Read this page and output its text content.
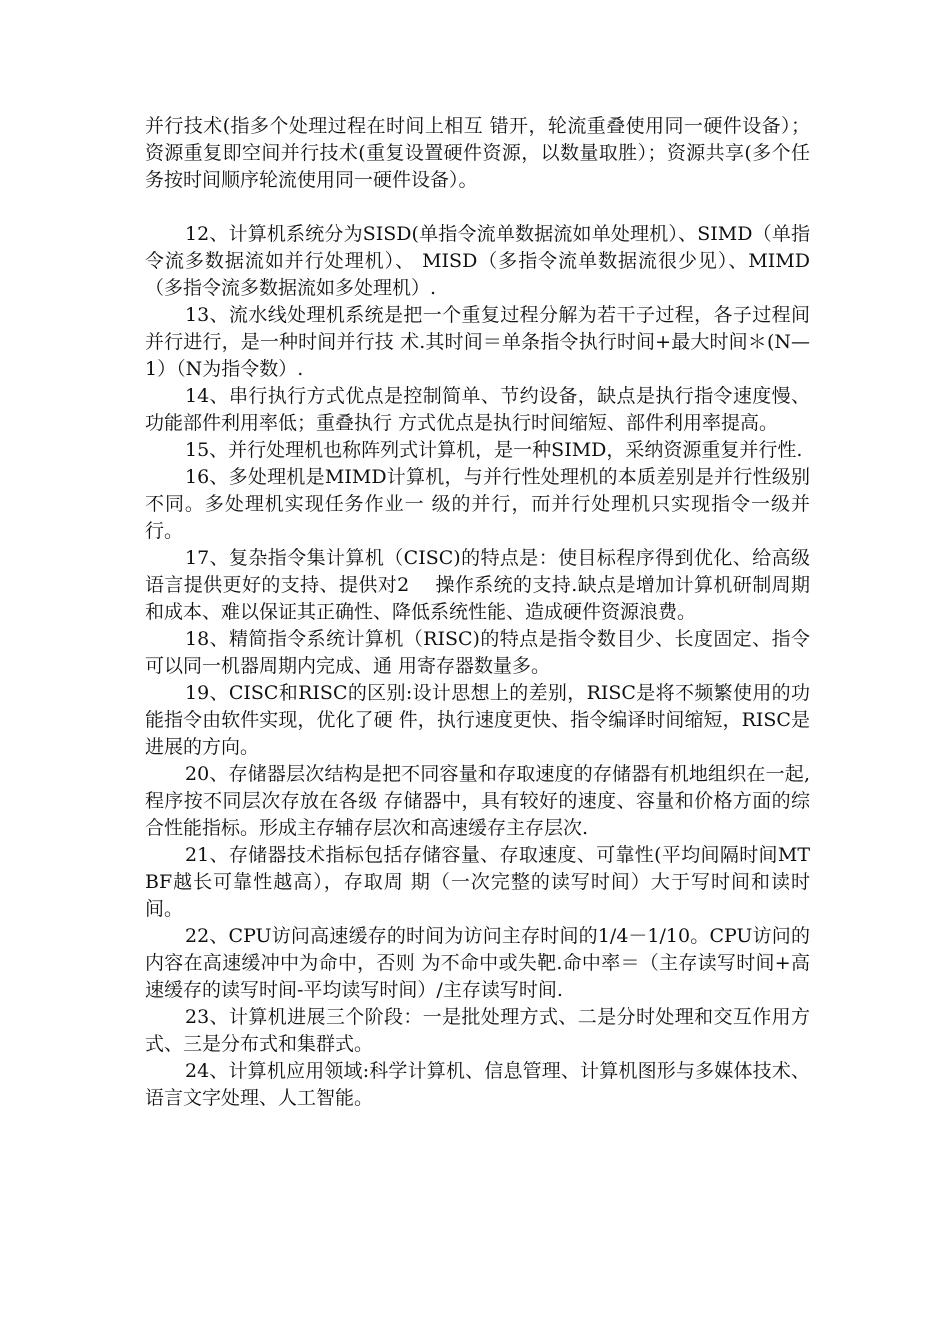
并行技术(指多个处理过程在时间上相互 错开，轮流重叠使用同一硬件设备）；资源重复即空间并行技术(重复设置硬件资源，以数量取胜）；资源共享(多个任务按时间顺序轮流使用同一硬件设备）。

12、计算机系统分为SISD(单指令流单数据流如单处理机）、SIMD（单指令流多数据流如并行处理机）、 MISD（多指令流单数据流很少见）、MIMD（多指令流多数据流如多处理机）.

13、流水线处理机系统是把一个重复过程分解为若干子过程，各子过程间并行进行，是一种时间并行技 术.其时间＝单条指令执行时间+最大时间＊(N—1）（N为指令数）.

14、串行执行方式优点是控制简单、节约设备，缺点是执行指令速度慢、功能部件利用率低；重叠执行 方式优点是执行时间缩短、部件利用率提高。

15、并行处理机也称阵列式计算机，是一种SIMD，采纳资源重复并行性.

16、多处理机是MIMD计算机，与并行性处理机的本质差别是并行性级别不同。多处理机实现任务作业一 级的并行，而并行处理机只实现指令一级并行。

17、复杂指令集计算机（CISC)的特点是：使目标程序得到优化、给高级语言提供更好的支持、提供对2　 操作系统的支持.缺点是增加计算机研制周期和成本、难以保证其正确性、降低系统性能、造成硬件资源浪费。

18、精简指令系统计算机（RISC)的特点是指令数目少、长度固定、指令可以同一机器周期内完成、通 用寄存器数量多。

19、CISC和RISC的区别:设计思想上的差别，RISC是将不频繁使用的功能指令由软件实现，优化了硬 件，执行速度更快、指令编译时间缩短，RISC是进展的方向。

20、存储器层次结构是把不同容量和存取速度的存储器有机地组织在一起,程序按不同层次存放在各级 存储器中，具有较好的速度、容量和价格方面的综合性能指标。形成主存辅存层次和高速缓存主存层次.

21、存储器技术指标包括存储容量、存取速度、可靠性(平均间隔时间MTBF越长可靠性越高），存取周 期（一次完整的读写时间）大于写时间和读时间。

22、CPU访问高速缓存的时间为访问主存时间的1/4－1/10。CPU访问的内容在高速缓冲中为命中，否则 为不命中或失靶.命中率＝（主存读写时间+高速缓存的读写时间-平均读写时间）/主存读写时间.

23、计算机进展三个阶段：一是批处理方式、二是分时处理和交互作用方式、三是分布式和集群式。

24、计算机应用领域:科学计算机、信息管理、计算机图形与多媒体技术、语言文字处理、人工智能。
